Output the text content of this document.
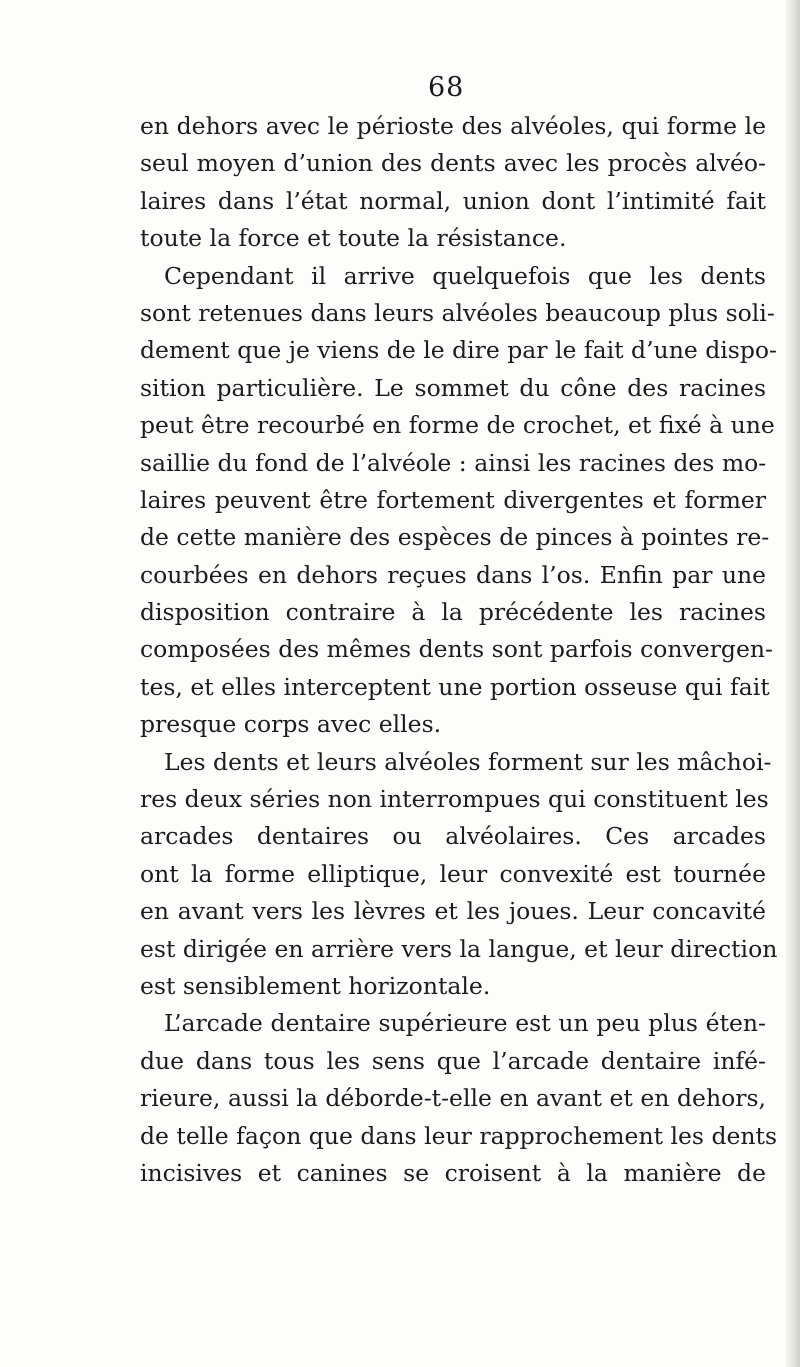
68
en dehors avec le périoste des alvéoles, qui forme le
seul moyen d’union des dents avec les procès alvéo-
laires dans l’état normal, union dont l’intimité fait
toute la force et toute la résistance.
Cependant il arrive quelquefois que les dents
sont retenues dans leurs alvéoles beaucoup plus soli-
dement que je viens de le dire par le fait d’une dispo-
sition particulière. Le sommet du cône des racines
peut être recourbé en forme de crochet, et fixé à une
saillie du fond de l’alvéole : ainsi les racines des mo-
laires peuvent être fortement divergentes et former
de cette manière des espèces de pinces à pointes re-
courbées en dehors reçues dans l’os. Enfin par une
disposition contraire à la précédente les racines
composées des mêmes dents sont parfois convergen-
tes, et elles interceptent une portion osseuse qui fait
presque corps avec elles.
Les dents et leurs alvéoles forment sur les mâchoi-
res deux séries non interrompues qui constituent les
arcades dentaires ou alvéolaires. Ces arcades
ont la forme elliptique, leur convexité est tournée
en avant vers les lèvres et les joues. Leur concavité
est dirigée en arrière vers la langue, et leur direction
est sensiblement horizontale.
L’arcade dentaire supérieure est un peu plus éten-
due dans tous les sens que l’arcade dentaire infé-
rieure, aussi la déborde-t-elle en avant et en dehors,
de telle façon que dans leur rapprochement les dents
incisives et canines se croisent à la manière de
